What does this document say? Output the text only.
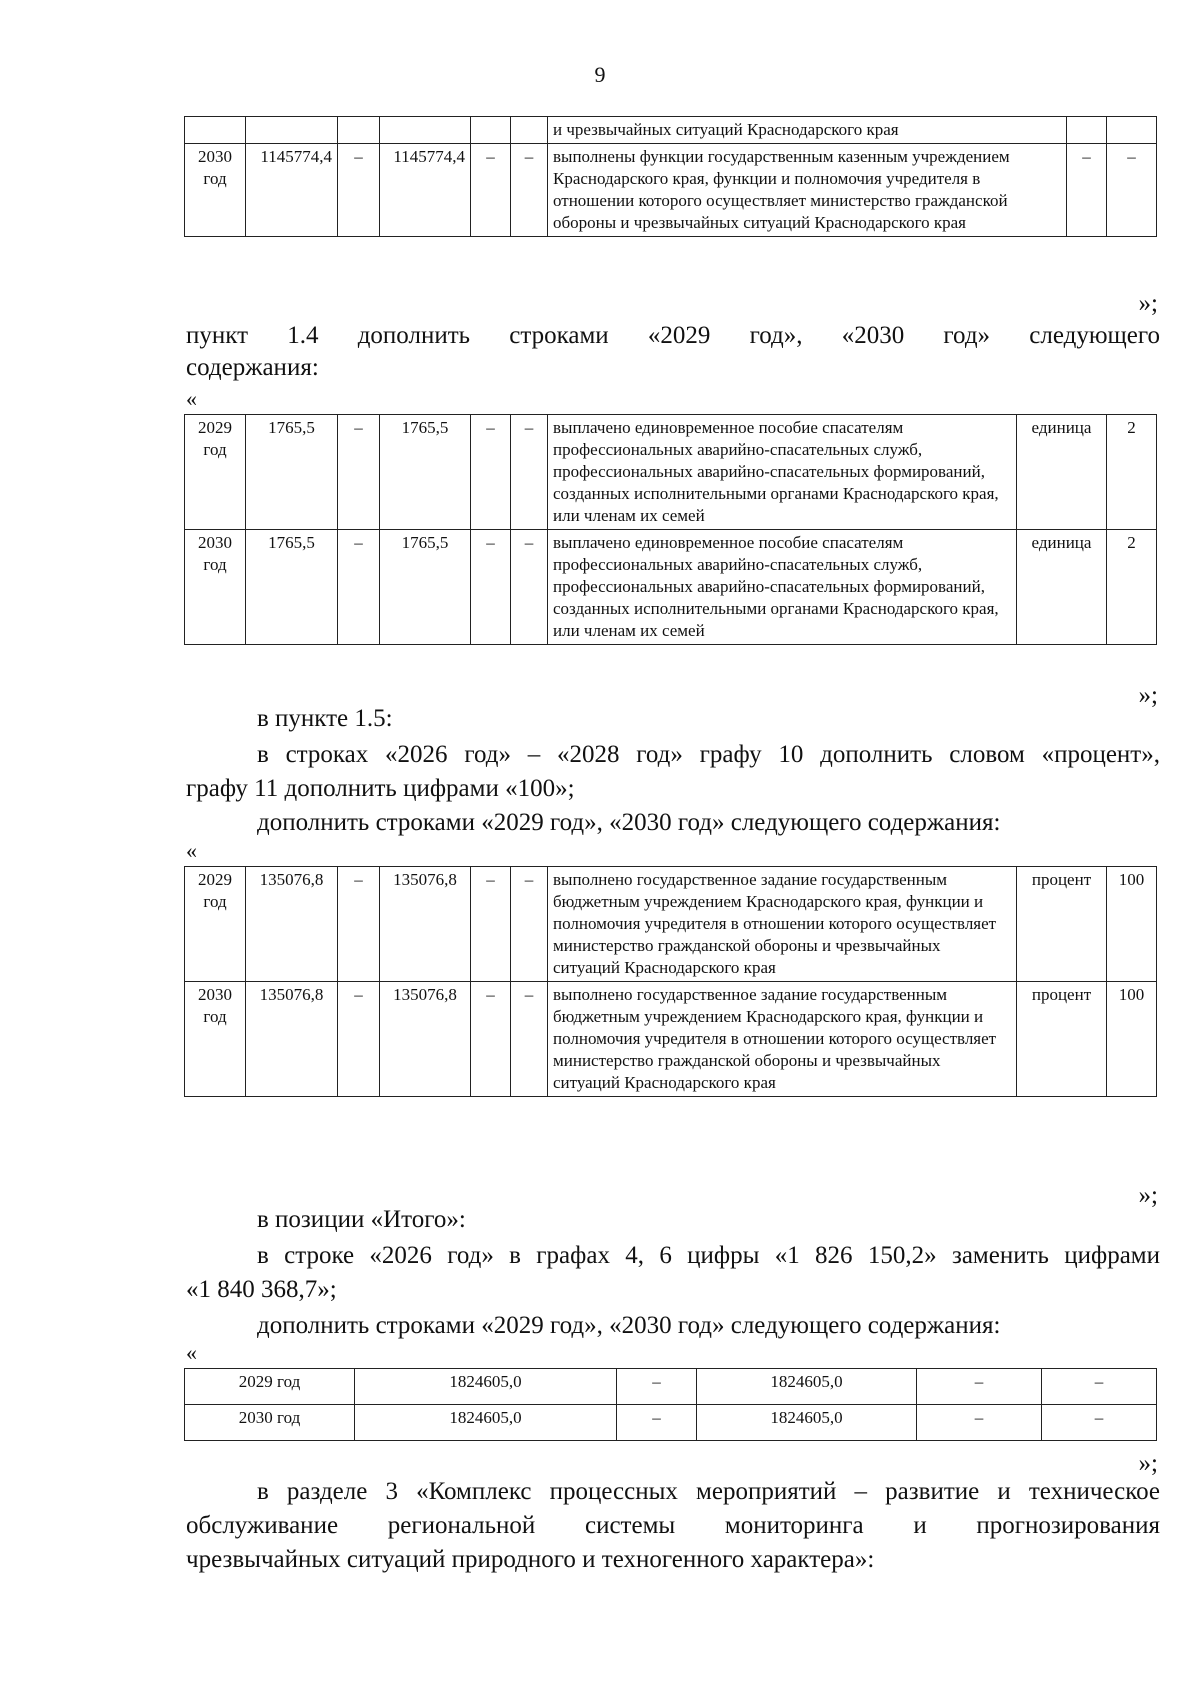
9
						и чрезвычайных ситуаций Краснодарского края		
2030 год	1145774,4	–	1145774,4	–	–	выполнены функции государственным казенным учреждением Краснодарского края, функции и полномочия учредителя в отношении которого осуществляет министерство гражданской обороны и чрезвычайных ситуаций Краснодарского края	–	–
»;
пункт 1.4 дополнить строками «2029 год», «2030 год» следующего
содержания:
«
2029 год	1765,5	–	1765,5	–	–	выплачено единовременное пособие спасателям профессиональных аварийно-спасательных служб, профессиональных аварийно-спасательных формирований, созданных исполнительными органами Краснодарского края, или членам их семей	единица	2
2030 год	1765,5	–	1765,5	–	–	выплачено единовременное пособие спасателям профессиональных аварийно-спасательных служб, профессиональных аварийно-спасательных формирований, созданных исполнительными органами Краснодарского края, или членам их семей	единица	2
»;
в пункте 1.5:
в строках «2026 год» – «2028 год» графу 10 дополнить словом «процент»,
графу 11 дополнить цифрами «100»;
дополнить строками «2029 год», «2030 год» следующего содержания:
«
2029 год	135076,8	–	135076,8	–	–	выполнено государственное задание государственным бюджетным учреждением Краснодарского края, функции и полномочия учредителя в отношении которого осуществляет министерство гражданской обороны и чрезвычайных ситуаций Краснодарского края	процент	100
2030 год	135076,8	–	135076,8	–	–	выполнено государственное задание государственным бюджетным учреждением Краснодарского края, функции и полномочия учредителя в отношении которого осуществляет министерство гражданской обороны и чрезвычайных ситуаций Краснодарского края	процент	100
»;
в позиции «Итого»:
в строке «2026 год» в графах 4, 6 цифры «1 826 150,2» заменить цифрами
«1 840 368,7»;
дополнить строками «2029 год», «2030 год» следующего содержания:
«
2029 год	1824605,0	–	1824605,0	–	–
2030 год	1824605,0	–	1824605,0	–	–
»;
в разделе 3 «Комплекс процессных мероприятий – развитие и техническое
обслуживание региональной системы мониторинга и прогнозирования
чрезвычайных ситуаций природного и техногенного характера»:
